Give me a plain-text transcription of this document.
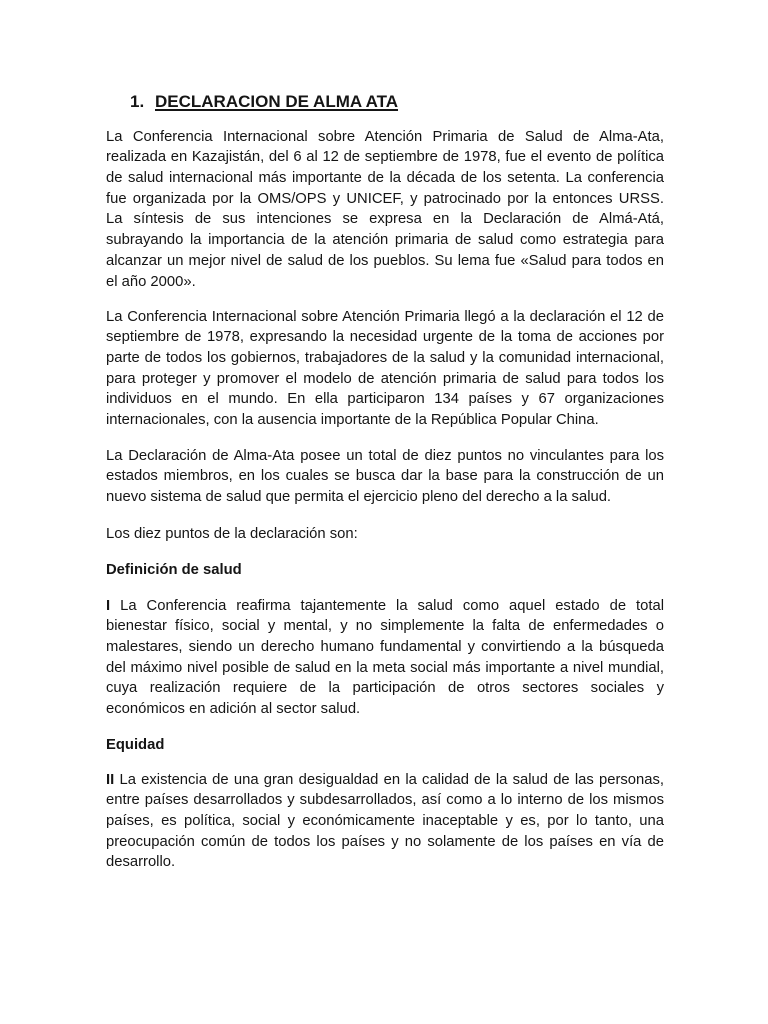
1. DECLARACION DE ALMA ATA
La Conferencia Internacional sobre Atención Primaria de Salud de Alma-Ata,
realizada en Kazajistán, del 6 al 12 de septiembre de 1978, fue el evento de política
de salud internacional más importante de la década de los setenta. La conferencia
fue organizada por la OMS/OPS y UNICEF, y patrocinado por la entonces URSS.
La síntesis de sus intenciones se expresa en la Declaración de Almá-Atá,
subrayando la importancia de la atención primaria de salud como estrategia para
alcanzar un mejor nivel de salud de los pueblos. Su lema fue «Salud para todos en
el año 2000».
La Conferencia Internacional sobre Atención Primaria llegó a la declaración el 12 de
septiembre de 1978, expresando la necesidad urgente de la toma de acciones por
parte de todos los gobiernos, trabajadores de la salud y la comunidad internacional,
para proteger y promover el modelo de atención primaria de salud para todos los
individuos en el mundo. En ella participaron 134 países y 67 organizaciones
internacionales, con la ausencia importante de la República Popular China.
La Declaración de Alma-Ata posee un total de diez puntos no vinculantes para los
estados miembros, en los cuales se busca dar la base para la construcción de un
nuevo sistema de salud que permita el ejercicio pleno del derecho a la salud.
Los diez puntos de la declaración son:
Definición de salud
I La Conferencia reafirma tajantemente la salud como aquel estado de total
bienestar físico, social y mental, y no simplemente la falta de enfermedades o
malestares, siendo un derecho humano fundamental y convirtiendo a la búsqueda
del máximo nivel posible de salud en la meta social más importante a nivel mundial,
cuya realización requiere de la participación de otros sectores sociales y
económicos en adición al sector salud.
Equidad
II La existencia de una gran desigualdad en la calidad de la salud de las personas,
entre países desarrollados y subdesarrollados, así como a lo interno de los mismos
países, es política, social y económicamente inaceptable y es, por lo tanto, una
preocupación común de todos los países y no solamente de los países en vía de
desarrollo.
